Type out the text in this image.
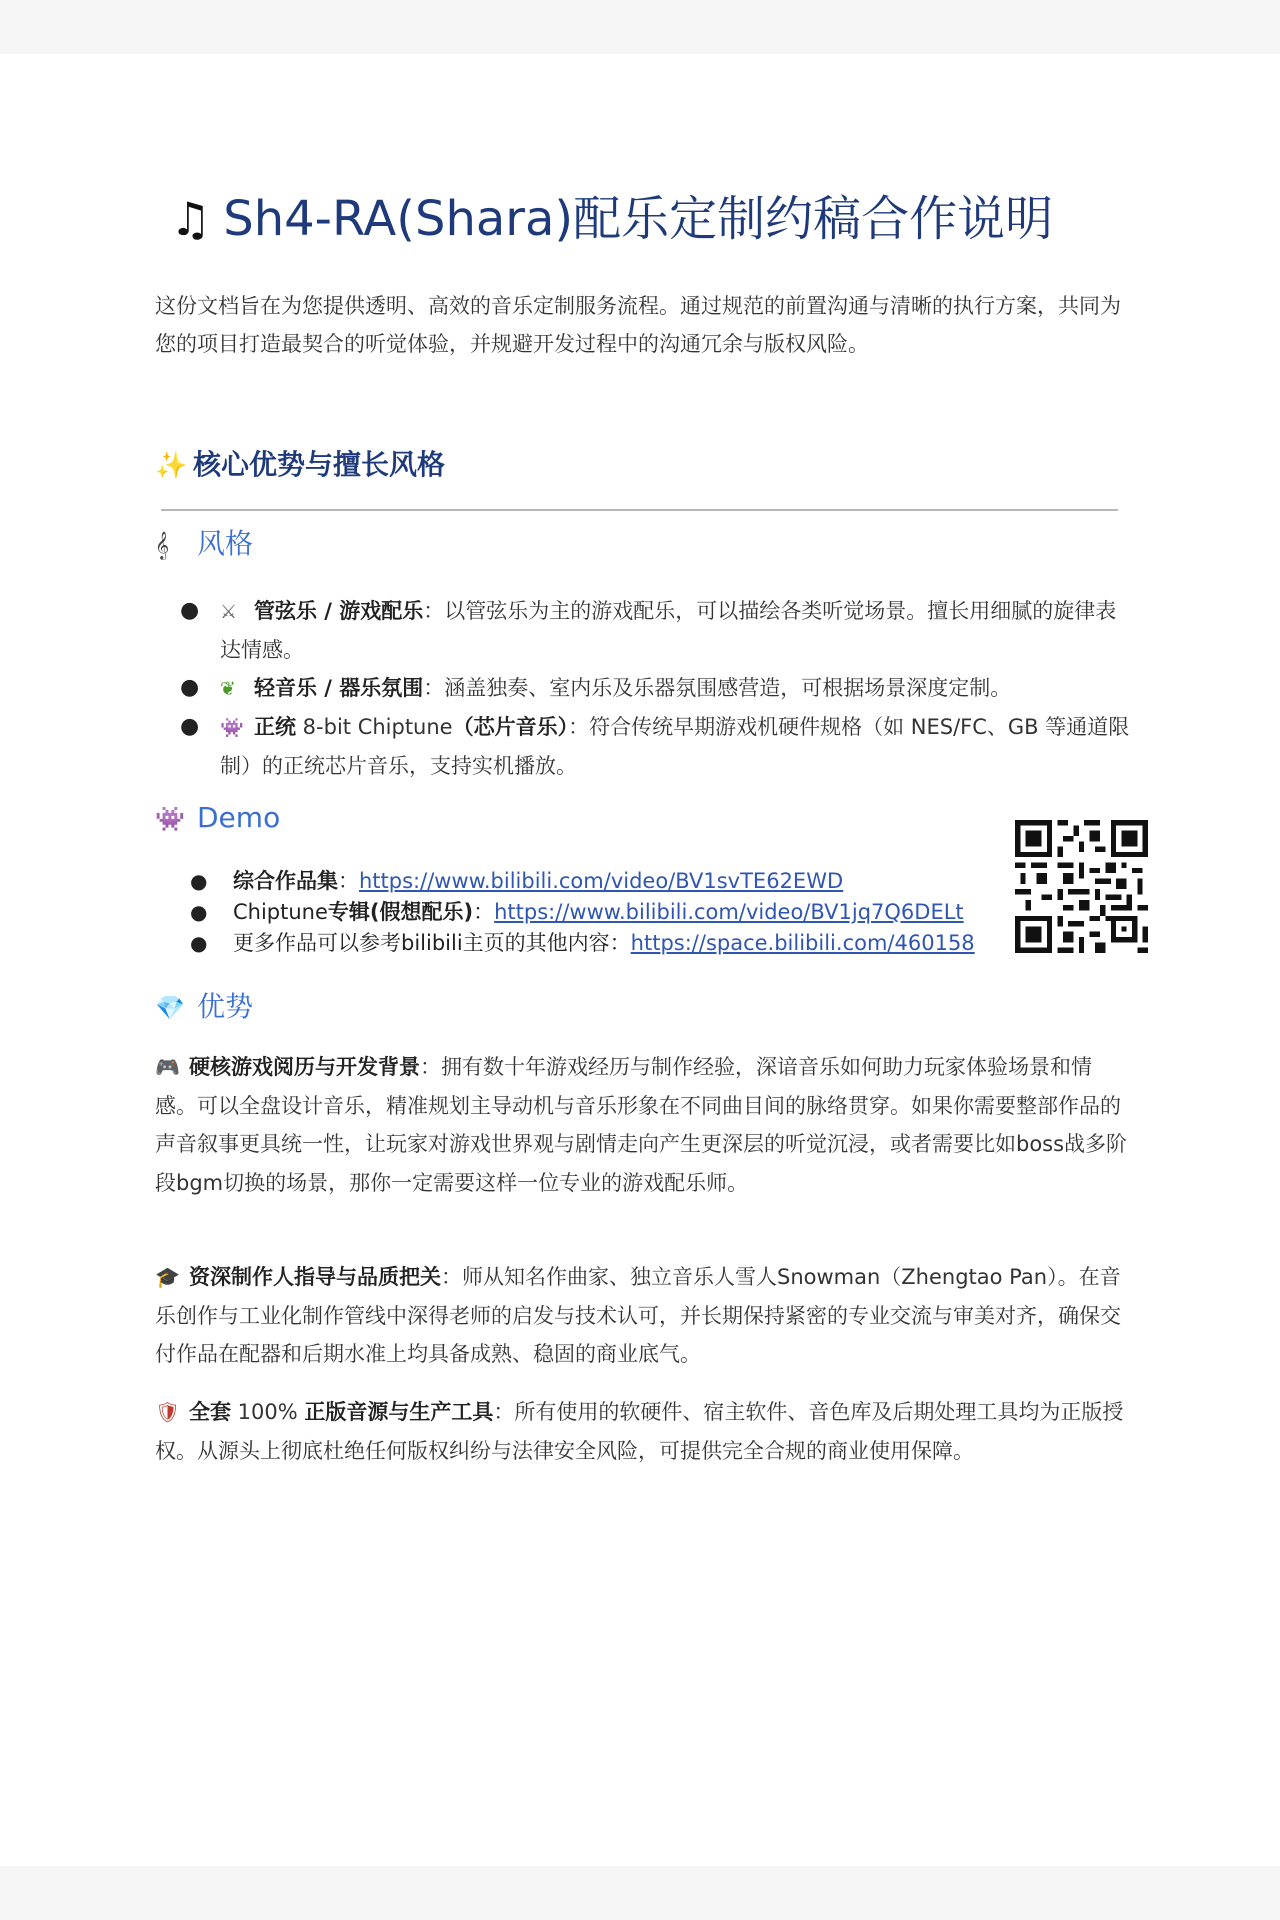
♫ Sh4-RA(Shara)配乐定制约稿合作说明
这份文档旨在为您提供透明、高效的音乐定制服务流程。通过规范的前置沟通与清晰的执行方案，共同为您的项目打造最契合的听觉体验，并规避开发过程中的沟通冗余与版权风险。
✨ 核心优势与擅长风格
𝄞 风格
● ⚔ 管弦乐 / 游戏配乐：以管弦乐为主的游戏配乐，可以描绘各类听觉场景。擅长用细腻的旋律表达情感。
● ❦ 轻音乐 / 器乐氛围：涵盖独奏、室内乐及乐器氛围感营造，可根据场景深度定制。
● 👾 正统 8-bit Chiptune（芯片音乐）：符合传统早期游戏机硬件规格（如 NES/FC、GB 等通道限制）的正统芯片音乐，支持实机播放。
👾 Demo
● 综合作品集：https://www.bilibili.com/video/BV1svTE62EWD
● Chiptune专辑(假想配乐)：https://www.bilibili.com/video/BV1jq7Q6DELt
● 更多作品可以参考bilibili主页的其他内容：https://space.bilibili.com/460158
💎 优势
🎮 硬核游戏阅历与开发背景：拥有数十年游戏经历与制作经验，深谙音乐如何助力玩家体验场景和情感。可以全盘设计音乐，精准规划主导动机与音乐形象在不同曲目间的脉络贯穿。如果你需要整部作品的声音叙事更具统一性，让玩家对游戏世界观与剧情走向产生更深层的听觉沉浸，或者需要比如boss战多阶段bgm切换的场景，那你一定需要这样一位专业的游戏配乐师。
🎓 资深制作人指导与品质把关：师从知名作曲家、独立音乐人雪人Snowman（Zhengtao Pan）。在音乐创作与工业化制作管线中深得老师的启发与技术认可，并长期保持紧密的专业交流与审美对齐，确保交付作品在配器和后期水准上均具备成熟、稳固的商业底气。
🛡 全套 100% 正版音源与生产工具：所有使用的软硬件、宿主软件、音色库及后期处理工具均为正版授权。从源头上彻底杜绝任何版权纠纷与法律安全风险，可提供完全合规的商业使用保障。
